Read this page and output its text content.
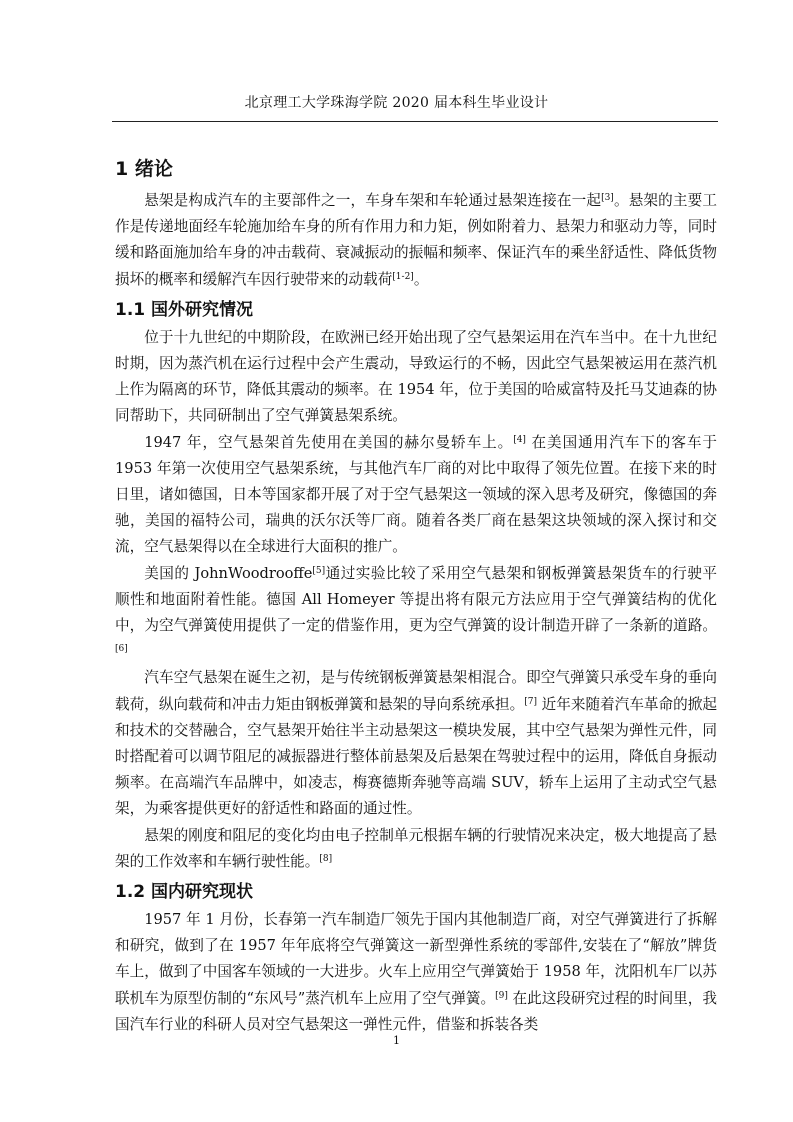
北京理工大学珠海学院 2020 届本科生毕业设计
1 绪论

悬架是构成汽车的主要部件之一，车身车架和车轮通过悬架连接在一起[3]。悬架的主要工作是传递地面经车轮施加给车身的所有作用力和力矩，例如附着力、悬架力和驱动力等，同时缓和路面施加给车身的冲击载荷、衰减振动的振幅和频率、保证汽车的乘坐舒适性、降低货物损坏的概率和缓解汽车因行驶带来的动载荷[1-2]。

1.1 国外研究情况

位于十九世纪的中期阶段，在欧洲已经开始出现了空气悬架运用在汽车当中。在十九世纪时期，因为蒸汽机在运行过程中会产生震动，导致运行的不畅，因此空气悬架被运用在蒸汽机上作为隔离的环节，降低其震动的频率。在 1954 年，位于美国的哈威富特及托马艾迪森的协同帮助下，共同研制出了空气弹簧悬架系统。

1947 年，空气悬架首先使用在美国的赫尔曼轿车上。[4] 在美国通用汽车下的客车于 1953 年第一次使用空气悬架系统，与其他汽车厂商的对比中取得了领先位置。在接下来的时日里，诸如德国，日本等国家都开展了对于空气悬架这一领域的深入思考及研究，像德国的奔驰，美国的福特公司，瑞典的沃尔沃等厂商。随着各类厂商在悬架这块领域的深入探讨和交流，空气悬架得以在全球进行大面积的推广。

美国的 JohnWoodrooffe[5]通过实验比较了采用空气悬架和钢板弹簧悬架货车的行驶平顺性和地面附着性能。德国 All Homeyer 等提出将有限元方法应用于空气弹簧结构的优化中，为空气弹簧使用提供了一定的借鉴作用，更为空气弹簧的设计制造开辟了一条新的道路。[6]

汽车空气悬架在诞生之初，是与传统钢板弹簧悬架相混合。即空气弹簧只承受车身的垂向载荷，纵向载荷和冲击力矩由钢板弹簧和悬架的导向系统承担。[7] 近年来随着汽车革命的掀起和技术的交替融合，空气悬架开始往半主动悬架这一模块发展，其中空气悬架为弹性元件，同时搭配着可以调节阻尼的减振器进行整体前悬架及后悬架在驾驶过程中的运用，降低自身振动频率。在高端汽车品牌中，如凌志，梅赛德斯奔驰等高端 SUV，轿车上运用了主动式空气悬架，为乘客提供更好的舒适性和路面的通过性。

悬架的刚度和阻尼的变化均由电子控制单元根据车辆的行驶情况来决定，极大地提高了悬架的工作效率和车辆行驶性能。[8]

1.2 国内研究现状

1957 年 1 月份，长春第一汽车制造厂领先于国内其他制造厂商，对空气弹簧进行了拆解和研究，做到了在 1957 年年底将空气弹簧这一新型弹性系统的零部件,安装在了“解放”牌货车上，做到了中国客车领域的一大进步。火车上应用空气弹簧始于 1958 年，沈阳机车厂以苏联机车为原型仿制的“东风号”蒸汽机车上应用了空气弹簧。[9] 在此这段研究过程的时间里，我国汽车行业的科研人员对空气悬架这一弹性元件，借鉴和拆装各类

1
